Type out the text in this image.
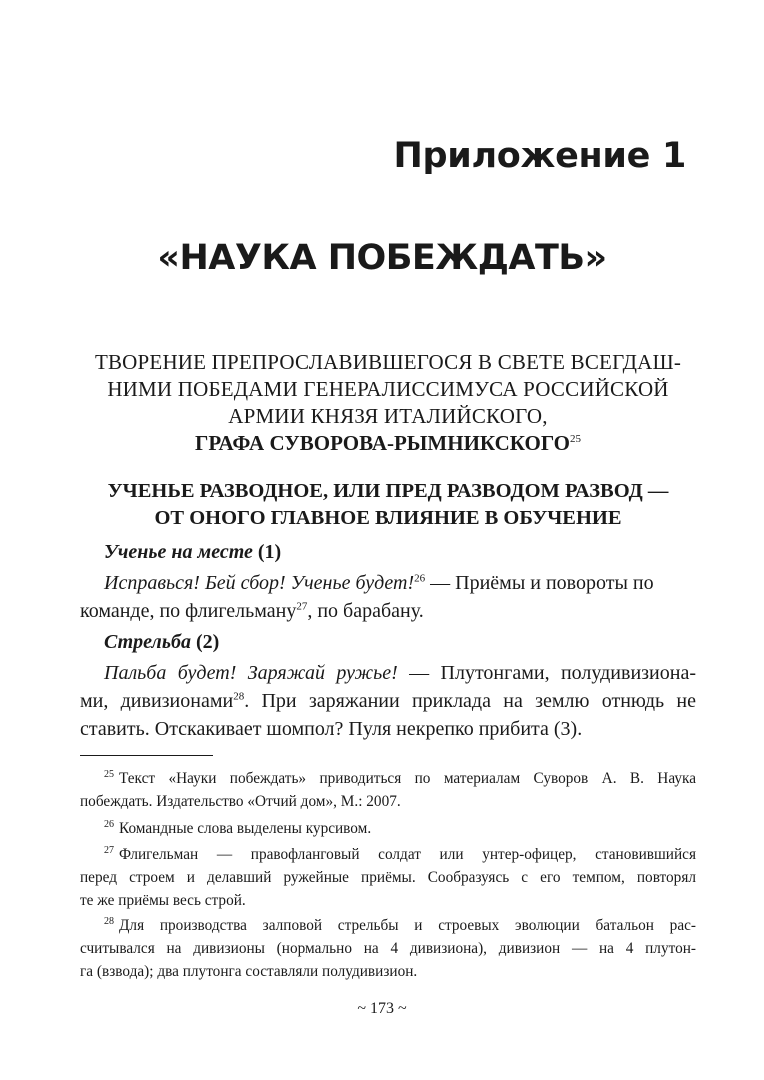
Приложение 1
«НАУКА ПОБЕЖДАТЬ»
ТВОРЕНИЕ ПРЕПРОСЛАВИВШЕГОСЯ В СВЕТЕ ВСЕГДАШ-
НИМИ ПОБЕДАМИ ГЕНЕРАЛИССИМУСА РОССИЙСКОЙ
АРМИИ КНЯЗЯ ИТАЛИЙСКОГО,
ГРАФА СУВОРОВА-РЫМНИКСКОГО$^{25}$
УЧЕНЬЕ РАЗВОДНОЕ, ИЛИ ПРЕД РАЗВОДОМ РАЗВОД —
ОТ ОНОГО ГЛАВНОЕ ВЛИЯНИЕ В ОБУЧЕНИЕ

Ученье на месте (1)

Исправься! Бей сбор! Ученье будет!$^{26}$ — Приёмы и повороты по
команде, по флигельману$^{27}$, по барабану.

Стрельба (2)

Пальба будет! Заряжай ружье! — Плутонгами, полудивизиона-
ми, дивизионами$^{28}$. При заряжании приклада на землю отнюдь не
ставить. Отскакивает шомпол? Пуля некрепко прибита (3).
$^{25}$ Текст «Науки побеждать» приводиться по материалам Суворов А. В. Наука
побеждать. Издательство «Отчий дом», М.: 2007.
$^{26}$ Командные слова выделены курсивом.
$^{27}$ Флигельман — правофланговый солдат или унтер-офицер, становившийся
перед строем и делавший ружейные приёмы. Сообразуясь с его темпом, повторял
те же приёмы весь строй.
$^{28}$ Для производства залповой стрельбы и строевых эволюции батальон рас-
считывался на дивизионы (нормально на 4 дивизиона), дивизион — на 4 плутон-
га (взвода); два плутонга составляли полудивизион.

~ 173 ~
